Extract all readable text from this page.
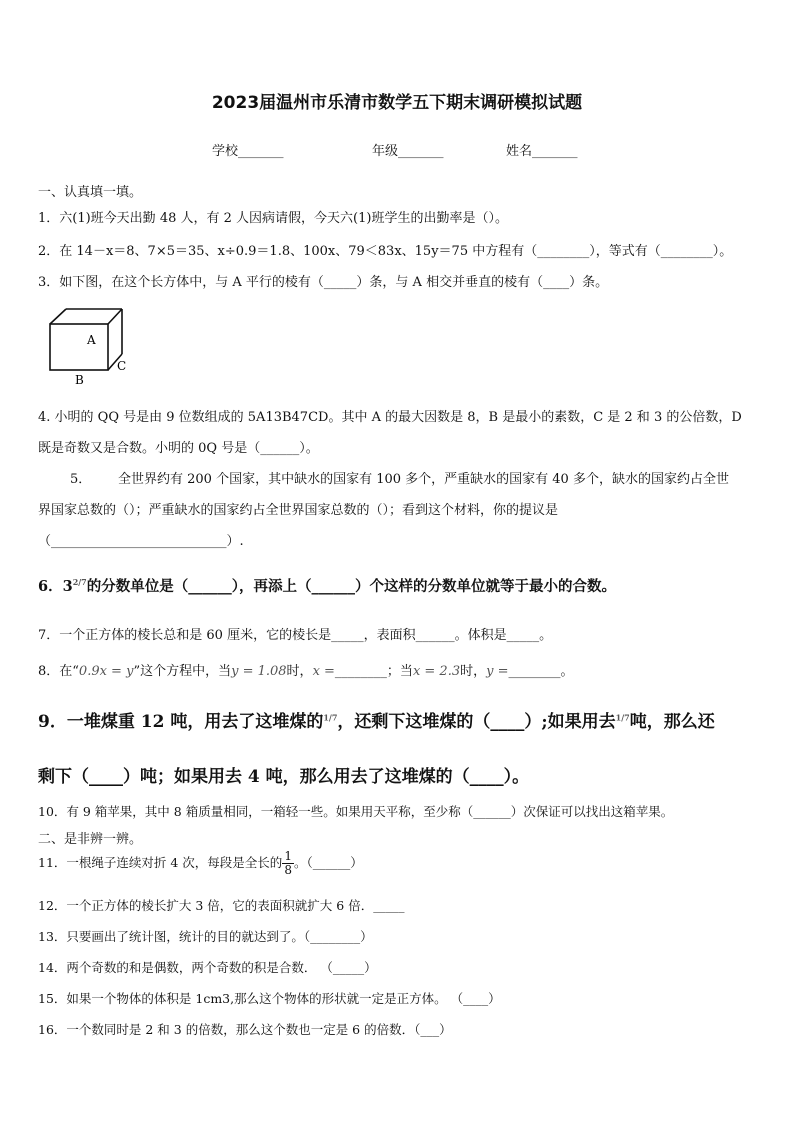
2023届温州市乐清市数学五下期末调研模拟试题
学校_______	年级_______	姓名_______
一、认真填一填。
1．六(1)班今天出勤 48 人，有 2 人因病请假，今天六(1)班学生的出勤率是（）。
2．在 14－x＝8、7×5＝35、x÷0.9＝1.8、100x、79＜83x、15y＝75 中方程有（________），等式有（________）。
3．如下图，在这个长方体中，与 A 平行的棱有（_____）条，与 A 相交并垂直的棱有（____）条。
A
C
B
4. 小明的 QQ 号是由 9 位数组成的 5A13B47CD。其中 A 的最大因数是 8，B 是最小的素数，C 是 2 和 3 的公倍数，D
既是奇数又是合数。小明的 0Q 号是（______）。
5． 全世界约有 200 个国家，其中缺水的国家有 100 多个，严重缺水的国家有 40 多个，缺水的国家约占全世
界国家总数的（）；严重缺水的国家约占全世界国家总数的（）；看到这个材料，你的提议是
（___________________________）.
6．$3^{2/7}$的分数单位是（______），再添上（______）个这样的分数单位就等于最小的合数。
7．一个正方体的棱长总和是 60 厘米，它的棱长是_____，表面积______。体积是_____。
8．在“0.9x = y”这个方程中，当y = 1.08时，x =________；当x = 2.3时，y =________。
9．一堆煤重 12 吨，用去了这堆煤的$^{1/7}$，还剩下这堆煤的（____）;如果用去$^{1/7}$吨，那么还
剩下（____）吨；如果用去 4 吨，那么用去了这堆煤的（____）。
10．有 9 箱苹果，其中 8 箱质量相同，一箱轻一些。如果用天平称，至少称（______）次保证可以找出这箱苹果。
二、是非辨一辨。
11．一根绳子连续对折 4 次，每段是全长的 $\frac{1}{8}$ 。（______）
12．一个正方体的棱长扩大 3 倍，它的表面积就扩大 6 倍．_____
13．只要画出了统计图，统计的目的就达到了。（________）
14．两个奇数的和是偶数，两个奇数的积是合数． （_____）
15．如果一个物体的体积是 1cm3,那么这个物体的形状就一定是正方体。 （____）
16．一个数同时是 2 和 3 的倍数，那么这个数也一定是 6 的倍数．（___）
